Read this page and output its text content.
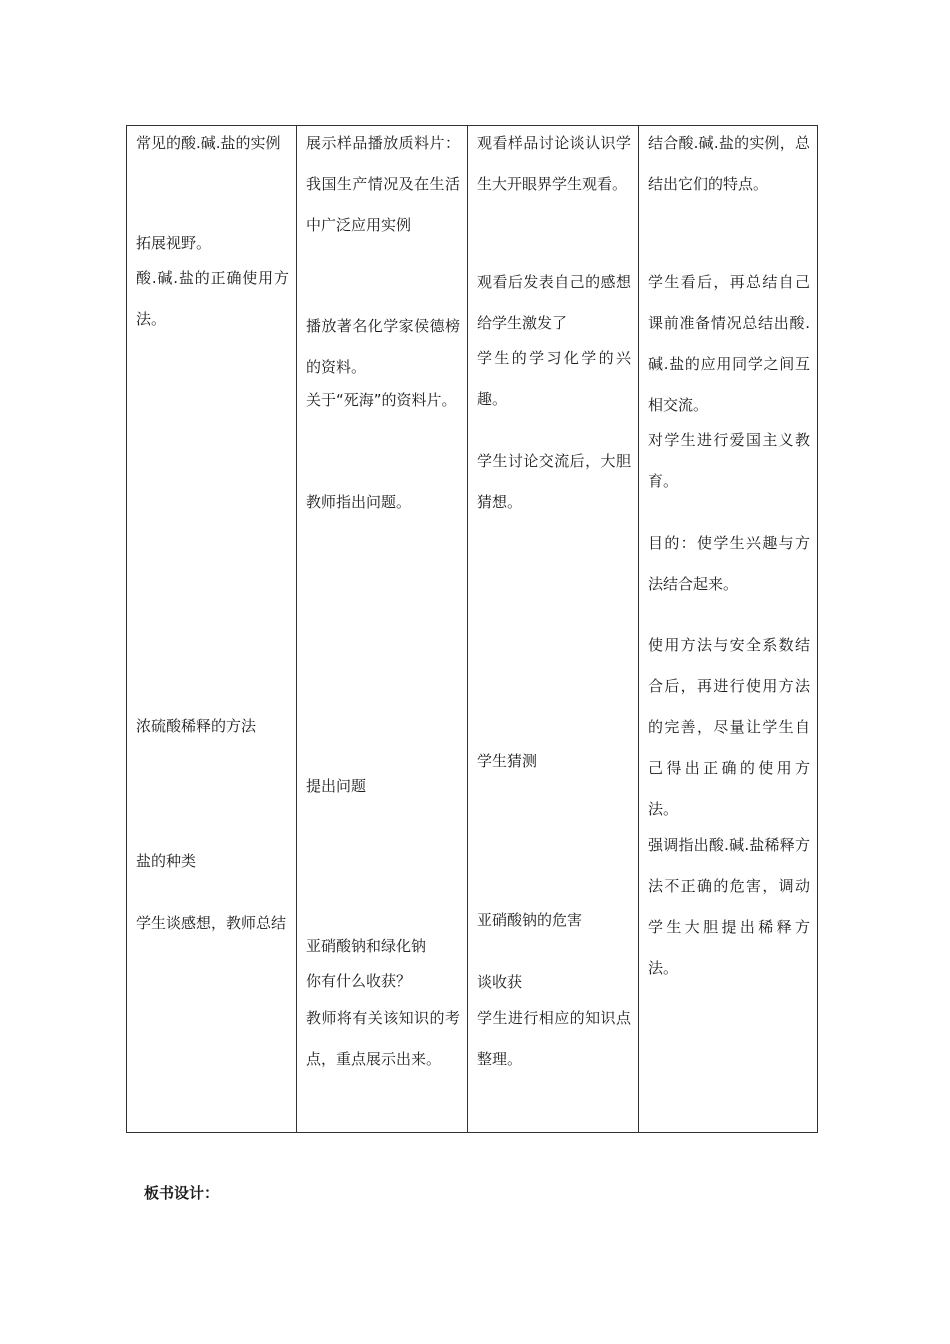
常见的酸.碱.盐的实例
拓展视野。
酸.碱.盐的正确使用方法。
浓硫酸稀释的方法
盐的种类
学生谈感想，教师总结

展示样品播放质料片：我国生产情况及在生活中广泛应用实例
播放著名化学家侯德榜的资料。
关于“死海”的资料片。
教师指出问题。
提出问题
亚硝酸钠和绿化钠
你有什么收获？
教师将有关该知识的考点，重点展示出来。

观看样品讨论谈认识学生大开眼界学生观看。
观看后发表自己的感想给学生激发了
学生的学习化学的兴趣。
学生讨论交流后，大胆猜想。
学生猜测
亚硝酸钠的危害
谈收获
学生进行相应的知识点整理。

结合酸.碱.盐的实例，总结出它们的特点。
学生看后，再总结自己课前准备情况总结出酸.碱.盐的应用同学之间互相交流。
对学生进行爱国主义教育。
目的：使学生兴趣与方法结合起来。
使用方法与安全系数结合后，再进行使用方法的完善，尽量让学生自己得出正确的使用方法。
强调指出酸.碱.盐稀释方法不正确的危害，调动学生大胆提出稀释方法。
板书设计：
